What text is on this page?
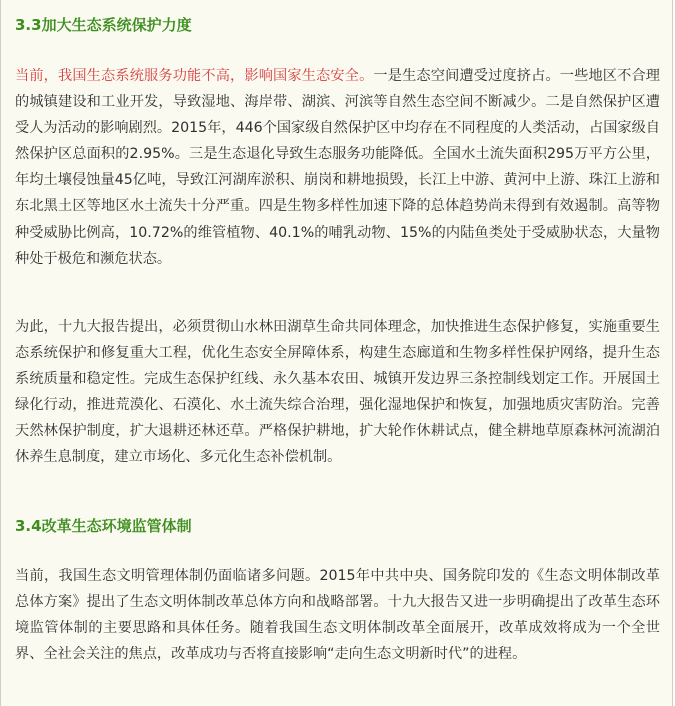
3.3加大生态系统保护力度

当前，我国生态系统服务功能不高，影响国家生态安全。一是生态空间遭受过度挤占。一些地区不合理的城镇建设和工业开发，导致湿地、海岸带、湖滨、河滨等自然生态空间不断减少。二是自然保护区遭受人为活动的影响剧烈。2015年，446个国家级自然保护区中均存在不同程度的人类活动，占国家级自然保护区总面积的2.95%。三是生态退化导致生态服务功能降低。全国水土流失面积295万平方公里，年均土壤侵蚀量45亿吨，导致江河湖库淤积、崩岗和耕地损毁，长江上中游、黄河中上游、珠江上游和东北黑土区等地区水土流失十分严重。四是生物多样性加速下降的总体趋势尚未得到有效遏制。高等物种受威胁比例高，10.72%的维管植物、40.1%的哺乳动物、15%的内陆鱼类处于受威胁状态，大量物种处于极危和濒危状态。

为此，十九大报告提出，必须贯彻山水林田湖草生命共同体理念，加快推进生态保护修复，实施重要生态系统保护和修复重大工程，优化生态安全屏障体系，构建生态廊道和生物多样性保护网络，提升生态系统质量和稳定性。完成生态保护红线、永久基本农田、城镇开发边界三条控制线划定工作。开展国土绿化行动，推进荒漠化、石漠化、水土流失综合治理，强化湿地保护和恢复，加强地质灾害防治。完善天然林保护制度，扩大退耕还林还草。严格保护耕地，扩大轮作休耕试点，健全耕地草原森林河流湖泊休养生息制度，建立市场化、多元化生态补偿机制。

3.4改革生态环境监管体制

当前，我国生态文明管理体制仍面临诸多问题。2015年中共中央、国务院印发的《生态文明体制改革总体方案》提出了生态文明体制改革总体方向和战略部署。十九大报告又进一步明确提出了改革生态环境监管体制的主要思路和具体任务。随着我国生态文明体制改革全面展开，改革成效将成为一个全世界、全社会关注的焦点，改革成功与否将直接影响“走向生态文明新时代”的进程。
